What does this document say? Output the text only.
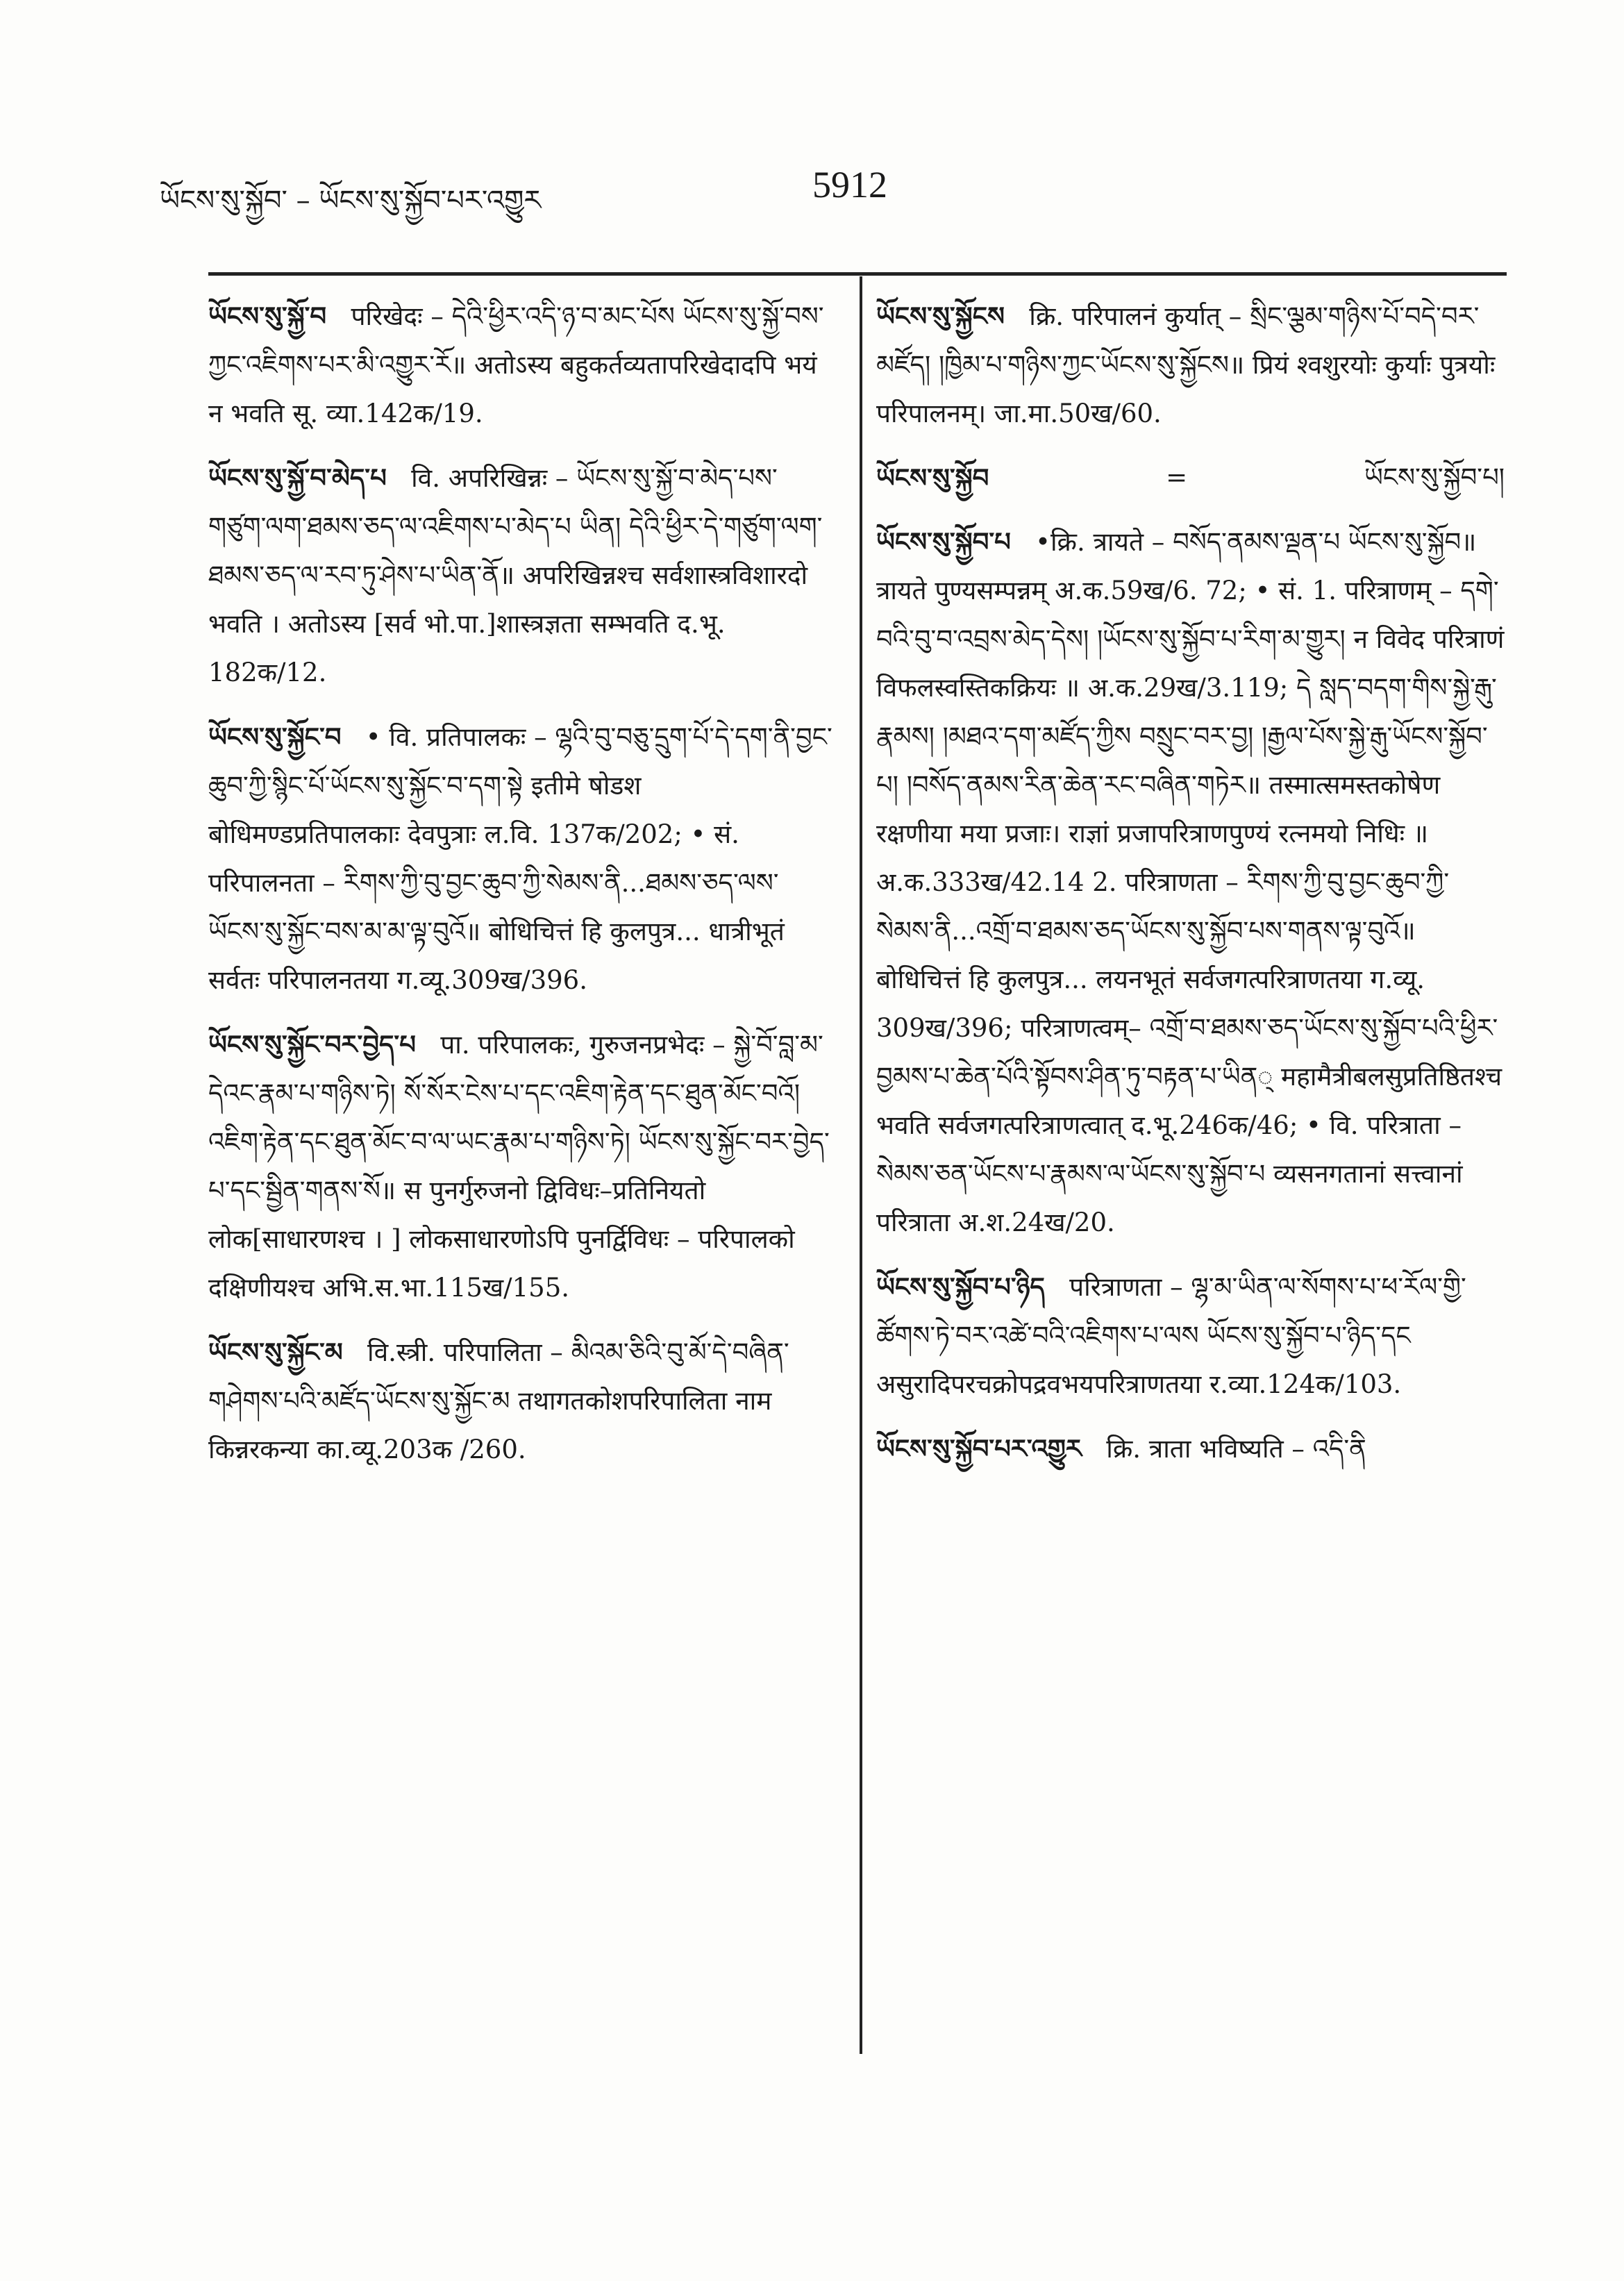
ཡོངས་སུ་སྐྱོབ་ – ཡོངས་སུ་སྐྱོབ་པར་འགྱུར	5912
ཡོངས་སུ་སྐྱོ་བ परिखेदः – དེའི་ཕྱིར་འདི་ཉ་བ་མང་པོས ཡོངས་སུ་སྐྱོ་བས་ཀྱང་འཇིགས་པར་མི་འགྱུར་རོ॥ अतोऽस्य बहुकर्तव्यतापरिखेदादपि भयं न भवति सू. व्या.142क/19.
ཡོངས་སུ་སྐྱོ་བ་མེད་པ वि. अपरिखिन्नः – ཡོངས་སུ་སྐྱོ་བ་མེད་པས་གཙུག་ལག་ཐམས་ཅད་ལ་འཇིགས་པ་མེད་པ ཡིན། དེའི་ཕྱིར་དེ་གཙུག་ལག་ཐམས་ཅད་ལ་རབ་ཏུ་ཤེས་པ་ཡིན་ནོ॥ अपरिखिन्नश्च सर्वशास्त्रविशारदो भवति । अतोऽस्य [सर्व भो.पा.]शास्त्रज्ञता सम्भवति द.भू. 182क/12.
ཡོངས་སུ་སྐྱོང་བ • वि. प्रतिपालकः – ལྷའི་བུ་བཅུ་དྲུག་པོ་དེ་དག་ནི་བྱང་ཆུབ་ཀྱི་སྙིང་པོ་ཡོངས་སུ་སྐྱོང་བ་དག་སྟེ इतीमे षोडश बोधिमण्डप्रतिपालकाः देवपुत्राः ल.वि. 137क/202; • सं. परिपालनता – རིགས་ཀྱི་བུ་བྱང་ཆུབ་ཀྱི་སེམས་ནི...ཐམས་ཅད་ལས་ཡོངས་སུ་སྐྱོང་བས་མ་མ་ལྟ་བུའོ॥ बोधिचित्तं हि कुलपुत्र... धात्रीभूतं सर्वतः परिपालनतया ग.व्यू.309ख/396.
ཡོངས་སུ་སྐྱོང་བར་བྱེད་པ पा. परिपालकः, गुरुजनप्रभेदः – སྐྱེ་བོ་བླ་མ་དེའང་རྣམ་པ་གཉིས་ཏེ། སོ་སོར་ངེས་པ་དང་འཇིག་རྟེན་དང་ཐུན་མོང་བའོ། འཇིག་རྟེན་དང་ཐུན་མོང་བ་ལ་ཡང་རྣམ་པ་གཉིས་ཏེ། ཡོངས་སུ་སྐྱོང་བར་བྱེད་པ་དང་སྦྱིན་གནས་སོ॥ स पुनर्गुरुजनो द्विविधः–प्रतिनियतो लोक[साधारणश्च । ] लोकसाधारणोऽपि पुनर्द्विविधः – परिपालको दक्षिणीयश्च अभि.स.भा.115ख/155.
ཡོངས་སུ་སྐྱོང་མ वि.स्त्री. परिपालिता – མིའམ་ཅིའི་བུ་མོ་དེ་བཞིན་གཤེགས་པའི་མཛོད་ཡོངས་སུ་སྐྱོང་མ तथागतकोशपरिपालिता नाम किन्नरकन्या का.व्यू.203क /260.
ཡོངས་སུ་སྐྱོངས क्रि. परिपालनं कुर्यात् – སྲིང་ལྕམ་གཉིས་པོ་བདེ་བར་མཛོད། །ཁྱིམ་པ་གཉིས་ཀྱང་ཡོངས་སུ་སྐྱོངས॥ प्रियं श्वशुरयोः कुर्याः पुत्रयोः परिपालनम्। जा.मा.50ख/60.
ཡོངས་སུ་སྐྱོབ	=	ཡོངས་སུ་སྐྱོབ་པ།
ཡོངས་སུ་སྐྱོབ་པ •क्रि. त्रायते – བསོད་ནམས་ལྡན་པ ཡོངས་སུ་སྐྱོབ॥ त्रायते पुण्यसम्पन्नम् अ.क.59ख/6. 72; • सं. 1. परित्राणम् – དགེ་བའི་བུ་བ་འབྲས་མེད་དེས། །ཡོངས་སུ་སྐྱོབ་པ་རིག་མ་གྱུར། न विवेद परित्राणं विफलस्वस्तिकक्रियः ॥ अ.क.29ख/3.119; དེ སླད་བདག་གིས་སྐྱེ་རྒུ་རྣམས། །མཐའ་དག་མཛོད་ཀྱིས བསྲུང་བར་བྱ། །རྒྱལ་པོས་སྐྱེ་རྒུ་ཡོངས་སྐྱོབ་པ། །བསོད་ནམས་རིན་ཆེན་རང་བཞིན་གཏེར॥ तस्मात्समस्तकोषेण रक्षणीया मया प्रजाः। राज्ञां प्रजापरित्राणपुण्यं रत्नमयो निधिः ॥ अ.क.333ख/42.14 2. परित्राणता – རིགས་ཀྱི་བུ་བྱང་ཆུབ་ཀྱི་སེམས་ནི...འགྲོ་བ་ཐམས་ཅད་ཡོངས་སུ་སྐྱོབ་པས་གནས་ལྟ་བུའོ॥ बोधिचित्तं हि कुलपुत्र... लयनभूतं सर्वजगत्परित्राणतया ग.व्यू. 309ख/396; परित्राणत्वम्– འགྲོ་བ་ཐམས་ཅད་ཡོངས་སུ་སྐྱོབ་པའི་ཕྱིར་བྱམས་པ་ཆེན་པོའི་སྟོབས་ཤིན་ཏུ་བརྟན་པ་ཡིན् महामैत्रीबलसुप्रतिष्ठितश्च भवति सर्वजगत्परित्राणत्वात् द.भू.246क/46; • वि. परित्राता – སེམས་ཅན་ཡོངས་པ་རྣམས་ལ་ཡོངས་སུ་སྐྱོབ་པ व्यसनगतानां सत्त्वानां परित्राता अ.श.24ख/20.
ཡོངས་སུ་སྐྱོབ་པ་ཉིད परित्राणता – ལྷ་མ་ཡིན་ལ་སོགས་པ་ཕ་རོལ་གྱི་ཚོགས་ཏེ་བར་འཚེ་བའི་འཇིགས་པ་ལས ཡོངས་སུ་སྐྱོབ་པ་ཉིད་དང असुरादिपरचक्रोपद्रवभयपरित्राणतया र.व्या.124क/103.
ཡོངས་སུ་སྐྱོབ་པར་འགྱུར क्रि. त्राता भविष्यति – འདི་ནི
